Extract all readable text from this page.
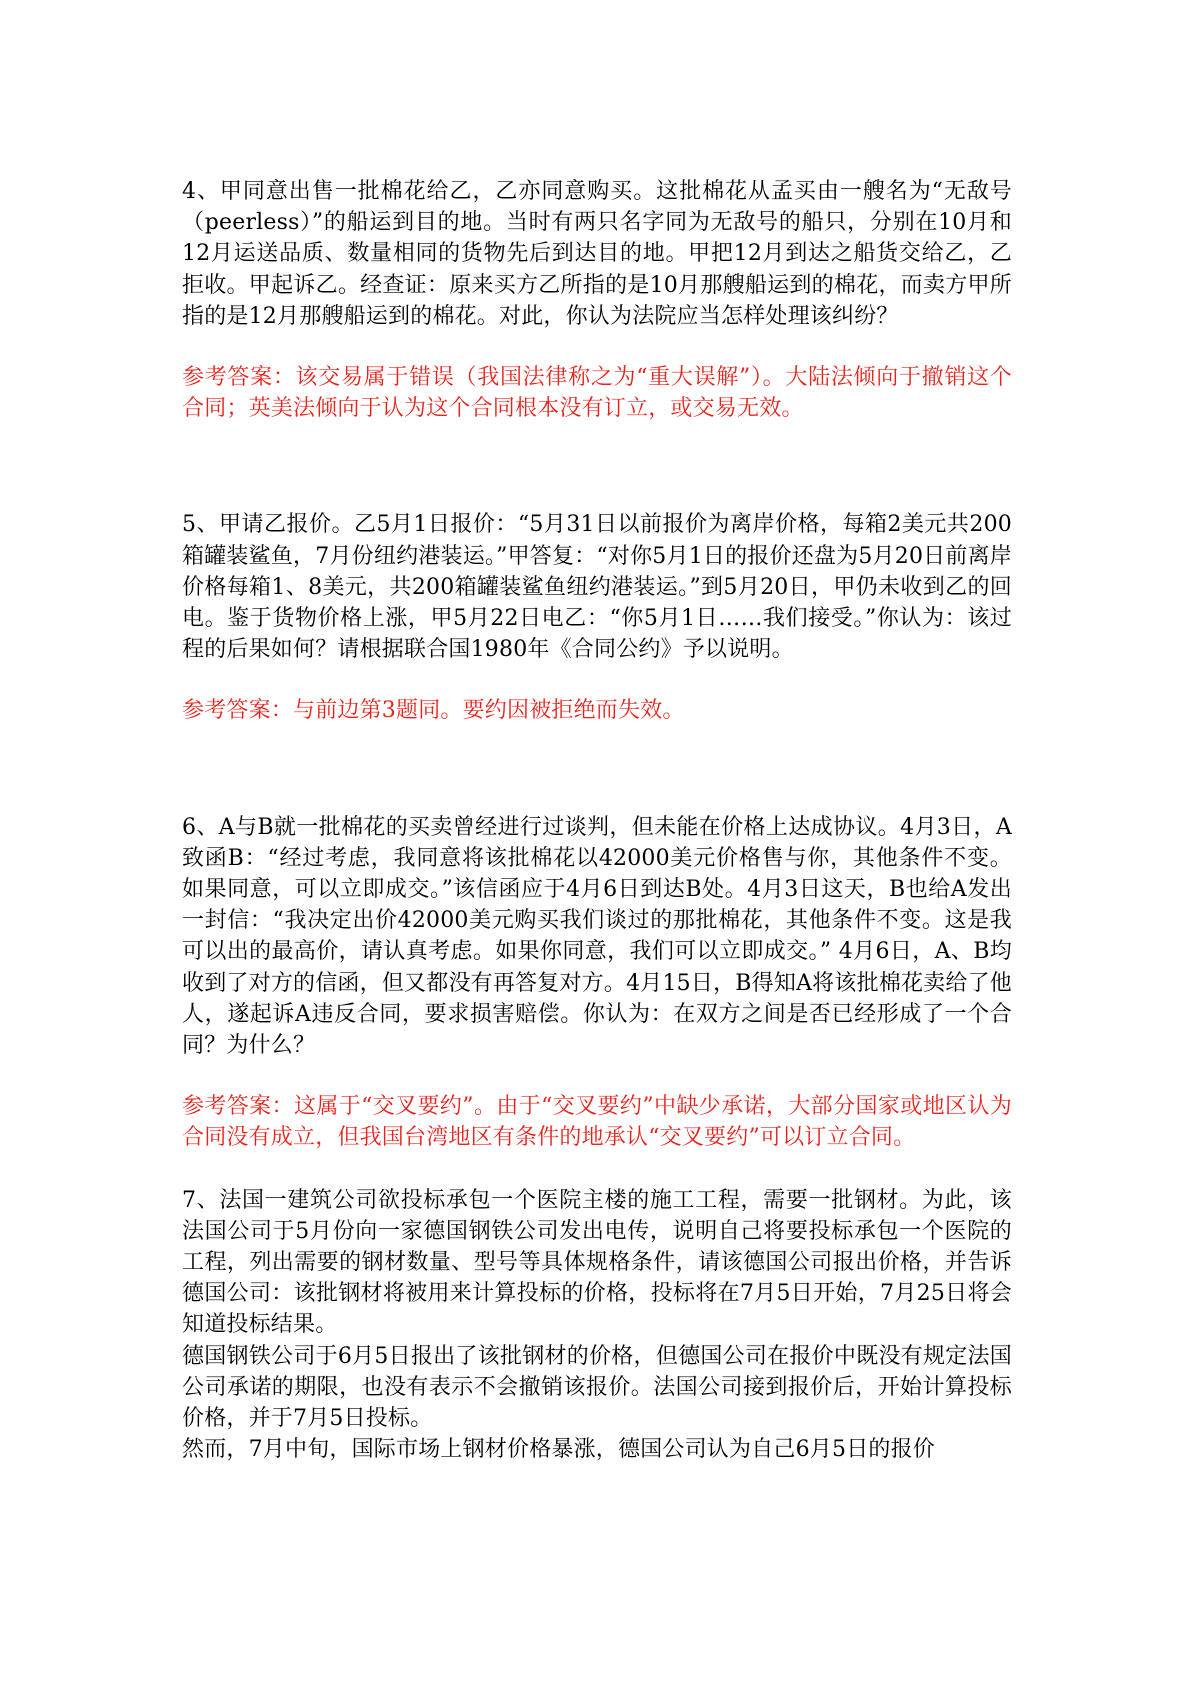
4、甲同意出售一批棉花给乙，乙亦同意购买。这批棉花从孟买由一艘名为“无敌号（peerless）”的船运到目的地。当时有两只名字同为无敌号的船只，分别在10月和12月运送品质、数量相同的货物先后到达目的地。甲把12月到达之船货交给乙，乙拒收。甲起诉乙。经查证：原来买方乙所指的是10月那艘船运到的棉花，而卖方甲所指的是12月那艘船运到的棉花。对此，你认为法院应当怎样处理该纠纷？

参考答案：该交易属于错误（我国法律称之为“重大误解”）。大陆法倾向于撤销这个合同；英美法倾向于认为这个合同根本没有订立，或交易无效。

5、甲请乙报价。乙5月1日报价：“5月31日以前报价为离岸价格，每箱2美元共200箱罐装鲨鱼，7月份纽约港装运。”甲答复：“对你5月1日的报价还盘为5月20日前离岸价格每箱1、8美元，共200箱罐装鲨鱼纽约港装运。”到5月20日，甲仍未收到乙的回电。鉴于货物价格上涨，甲5月22日电乙：“你5月1日……我们接受。”你认为：该过程的后果如何？请根据联合国1980年《合同公约》予以说明。

参考答案：与前边第3题同。要约因被拒绝而失效。

6、A与B就一批棉花的买卖曾经进行过谈判，但未能在价格上达成协议。4月3日，A致函B：“经过考虑，我同意将该批棉花以42000美元价格售与你，其他条件不变。如果同意，可以立即成交。”该信函应于4月6日到达B处。4月3日这天，B也给A发出一封信：“我决定出价42000美元购买我们谈过的那批棉花，其他条件不变。这是我可以出的最高价，请认真考虑。如果你同意，我们可以立即成交。” 4月6日，A、B均收到了对方的信函，但又都没有再答复对方。4月15日，B得知A将该批棉花卖给了他人，遂起诉A违反合同，要求损害赔偿。你认为：在双方之间是否已经形成了一个合同？为什么？

参考答案：这属于“交叉要约”。由于“交叉要约”中缺少承诺，大部分国家或地区认为合同没有成立，但我国台湾地区有条件的地承认“交叉要约”可以订立合同。

7、法国一建筑公司欲投标承包一个医院主楼的施工工程，需要一批钢材。为此，该法国公司于5月份向一家德国钢铁公司发出电传，说明自己将要投标承包一个医院的工程，列出需要的钢材数量、型号等具体规格条件，请该德国公司报出价格，并告诉德国公司：该批钢材将被用来计算投标的价格，投标将在7月5日开始，7月25日将会知道投标结果。

德国钢铁公司于6月5日报出了该批钢材的价格，但德国公司在报价中既没有规定法国公司承诺的期限，也没有表示不会撤销该报价。法国公司接到报价后，开始计算投标价格，并于7月5日投标。

然而，7月中旬，国际市场上钢材价格暴涨，德国公司认为自己6月5日的报价
